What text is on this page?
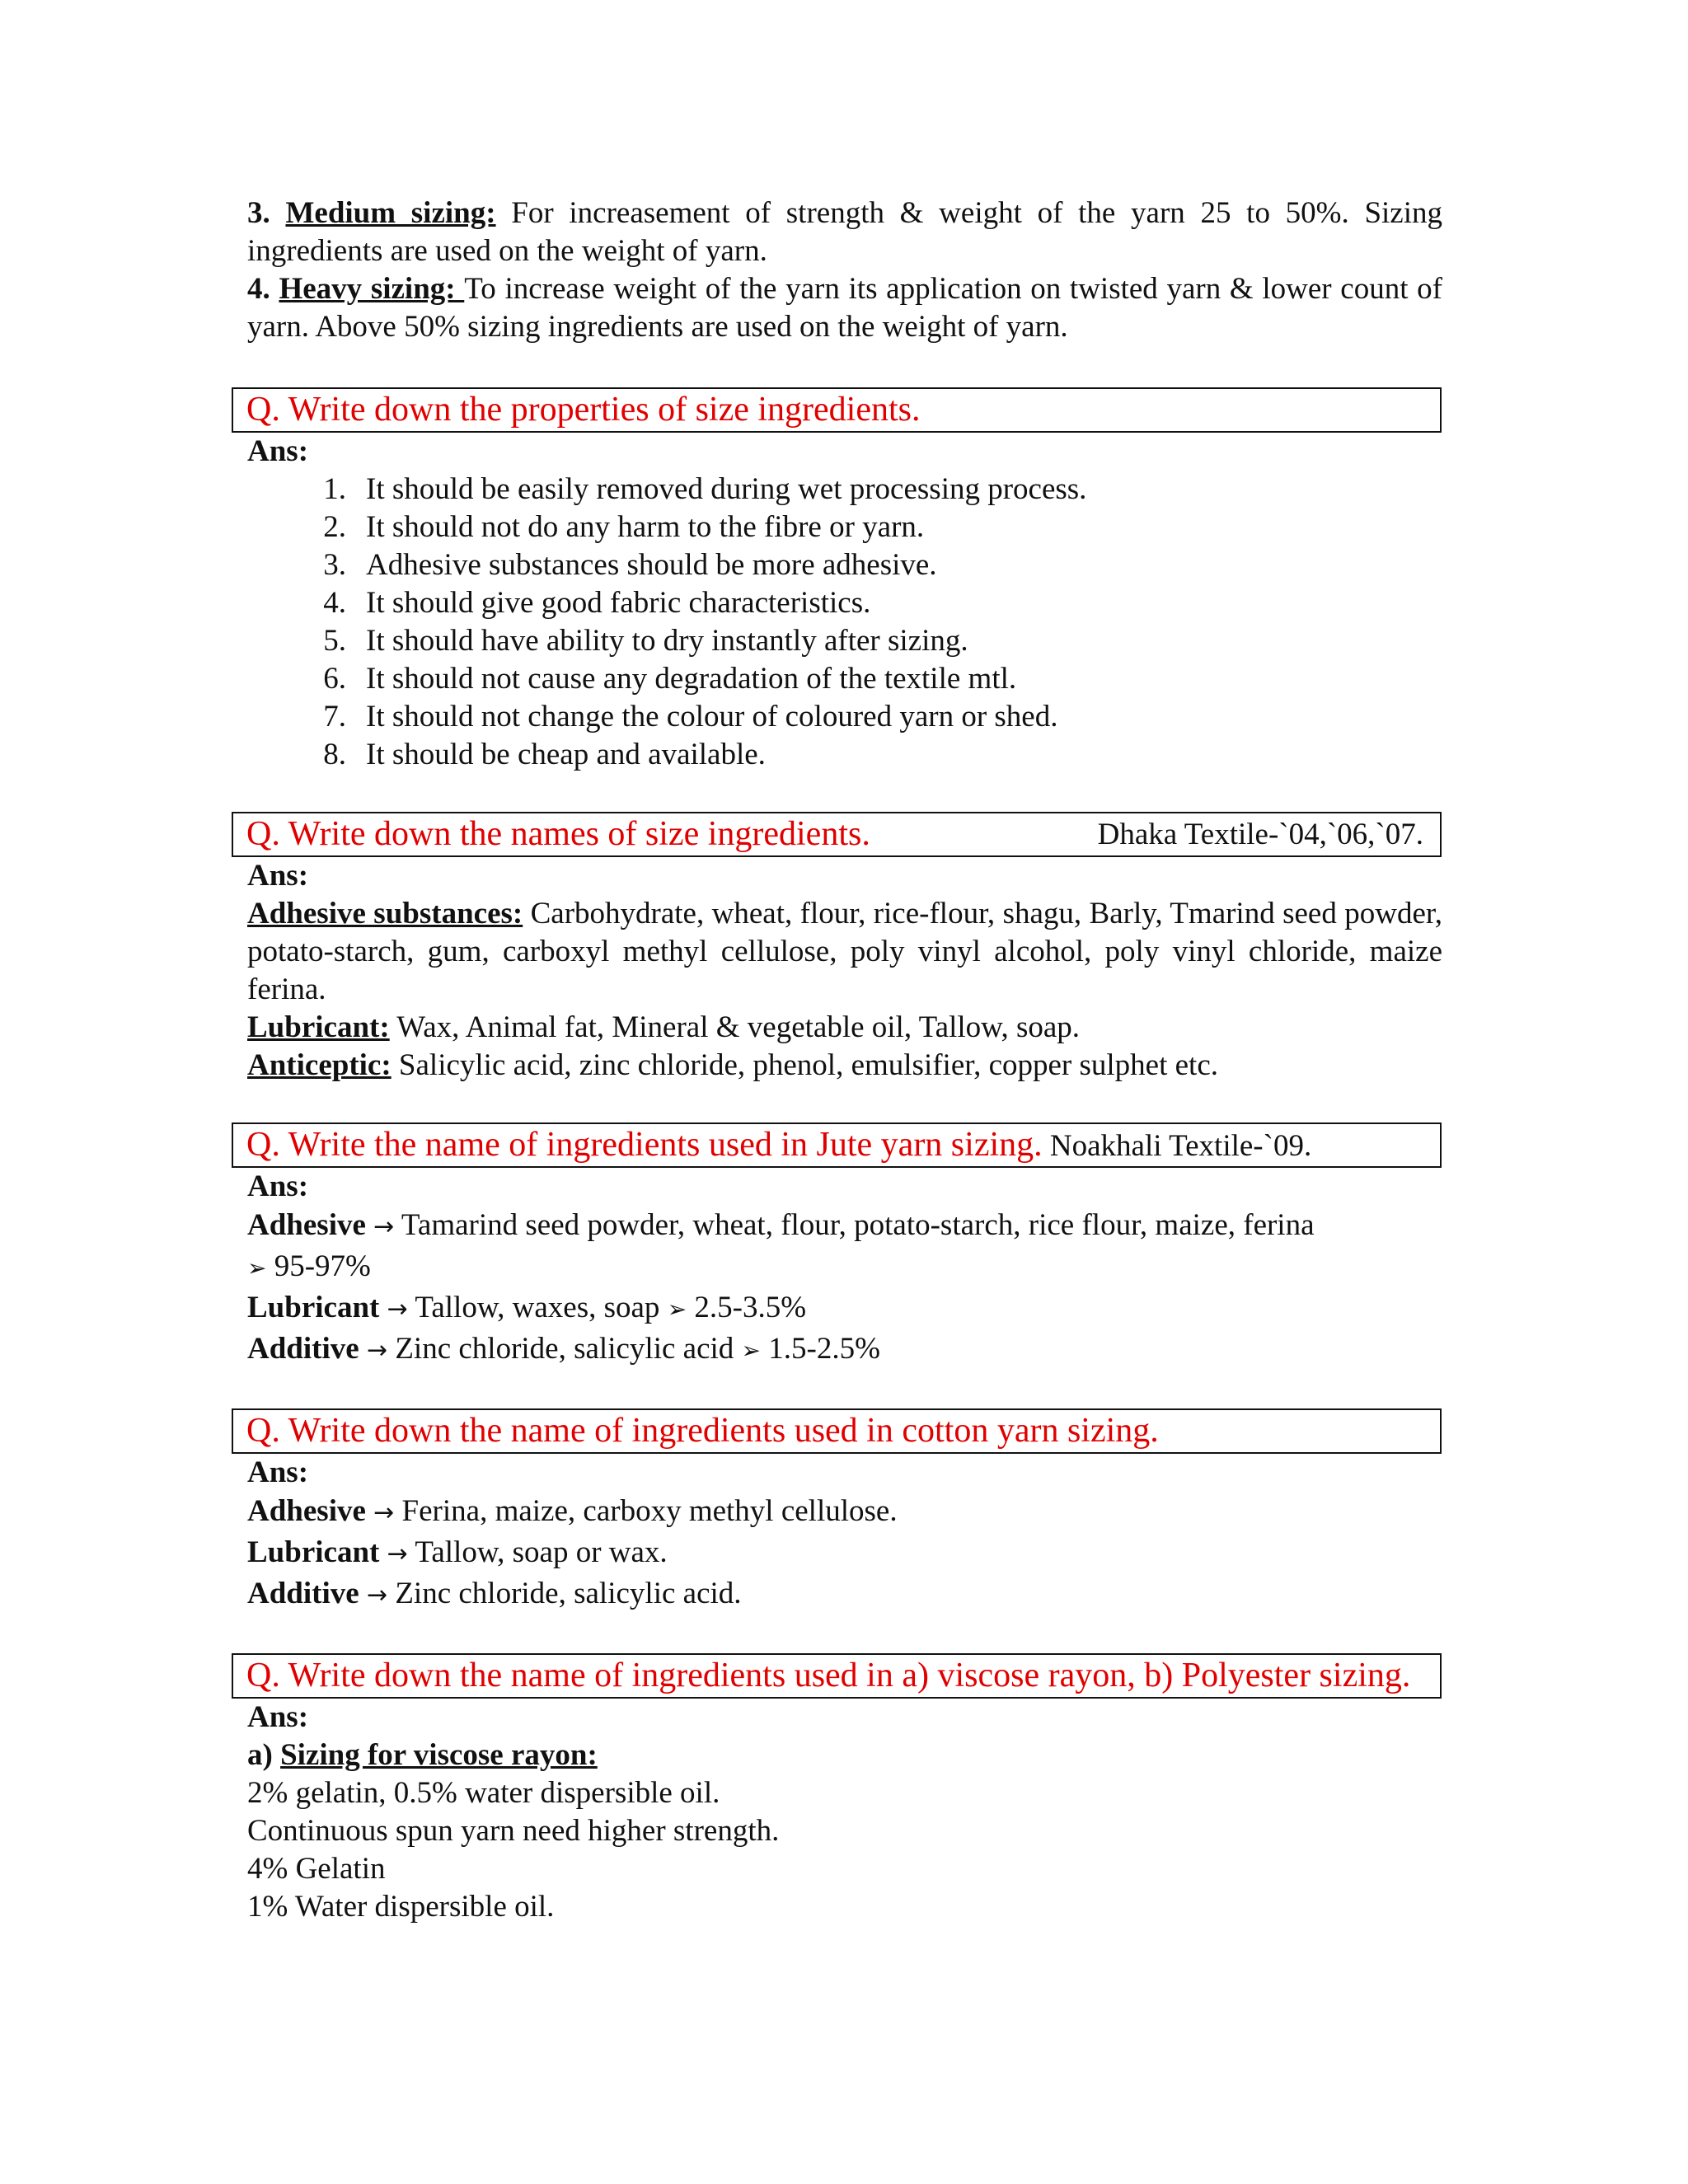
3. Medium sizing: For increasement of strength & weight of the yarn 25 to 50%. Sizing ingredients are used on the weight of yarn.

4. Heavy sizing: To increase weight of the yarn its application on twisted yarn & lower count of yarn. Above 50% sizing ingredients are used on the weight of yarn.

Q. Write down the properties of size ingredients.

Ans:

1. It should be easily removed during wet processing process.
2. It should not do any harm to the fibre or yarn.
3. Adhesive substances should be more adhesive.
4. It should give good fabric characteristics.
5. It should have ability to dry instantly after sizing.
6. It should not cause any degradation of the textile mtl.
7. It should not change the colour of coloured yarn or shed.
8. It should be cheap and available.
Q. Write down the names of size ingredients.	Dhaka Textile-`04,`06,`07.

Ans:

Adhesive substances: Carbohydrate, wheat, flour, rice-flour, shagu, Barly, Tmarind seed powder, potato-starch, gum, carboxyl methyl cellulose, poly vinyl alcohol, poly vinyl chloride, maize ferina.

Lubricant: Wax, Animal fat, Mineral & vegetable oil, Tallow, soap.

Anticeptic: Salicylic acid, zinc chloride, phenol, emulsifier, copper sulphet etc.

Q. Write the name of ingredients used in Jute yarn sizing. Noakhali Textile-`09.

Ans:

Adhesive → Tamarind seed powder, wheat, flour, potato-starch, rice flour, maize, ferina

➢ 95-97%

Lubricant → Tallow, waxes, soap ➢ 2.5-3.5%

Additive → Zinc chloride, salicylic acid ➢ 1.5-2.5%

Q. Write down the name of ingredients used in cotton yarn sizing.

Ans:

Adhesive → Ferina, maize, carboxy methyl cellulose.

Lubricant → Tallow, soap or wax.

Additive → Zinc chloride, salicylic acid.

Q. Write down the name of ingredients used in a) viscose rayon, b) Polyester sizing.

Ans:

a) Sizing for viscose rayon:

2% gelatin, 0.5% water dispersible oil.

Continuous spun yarn need higher strength.

4% Gelatin

1% Water dispersible oil.
